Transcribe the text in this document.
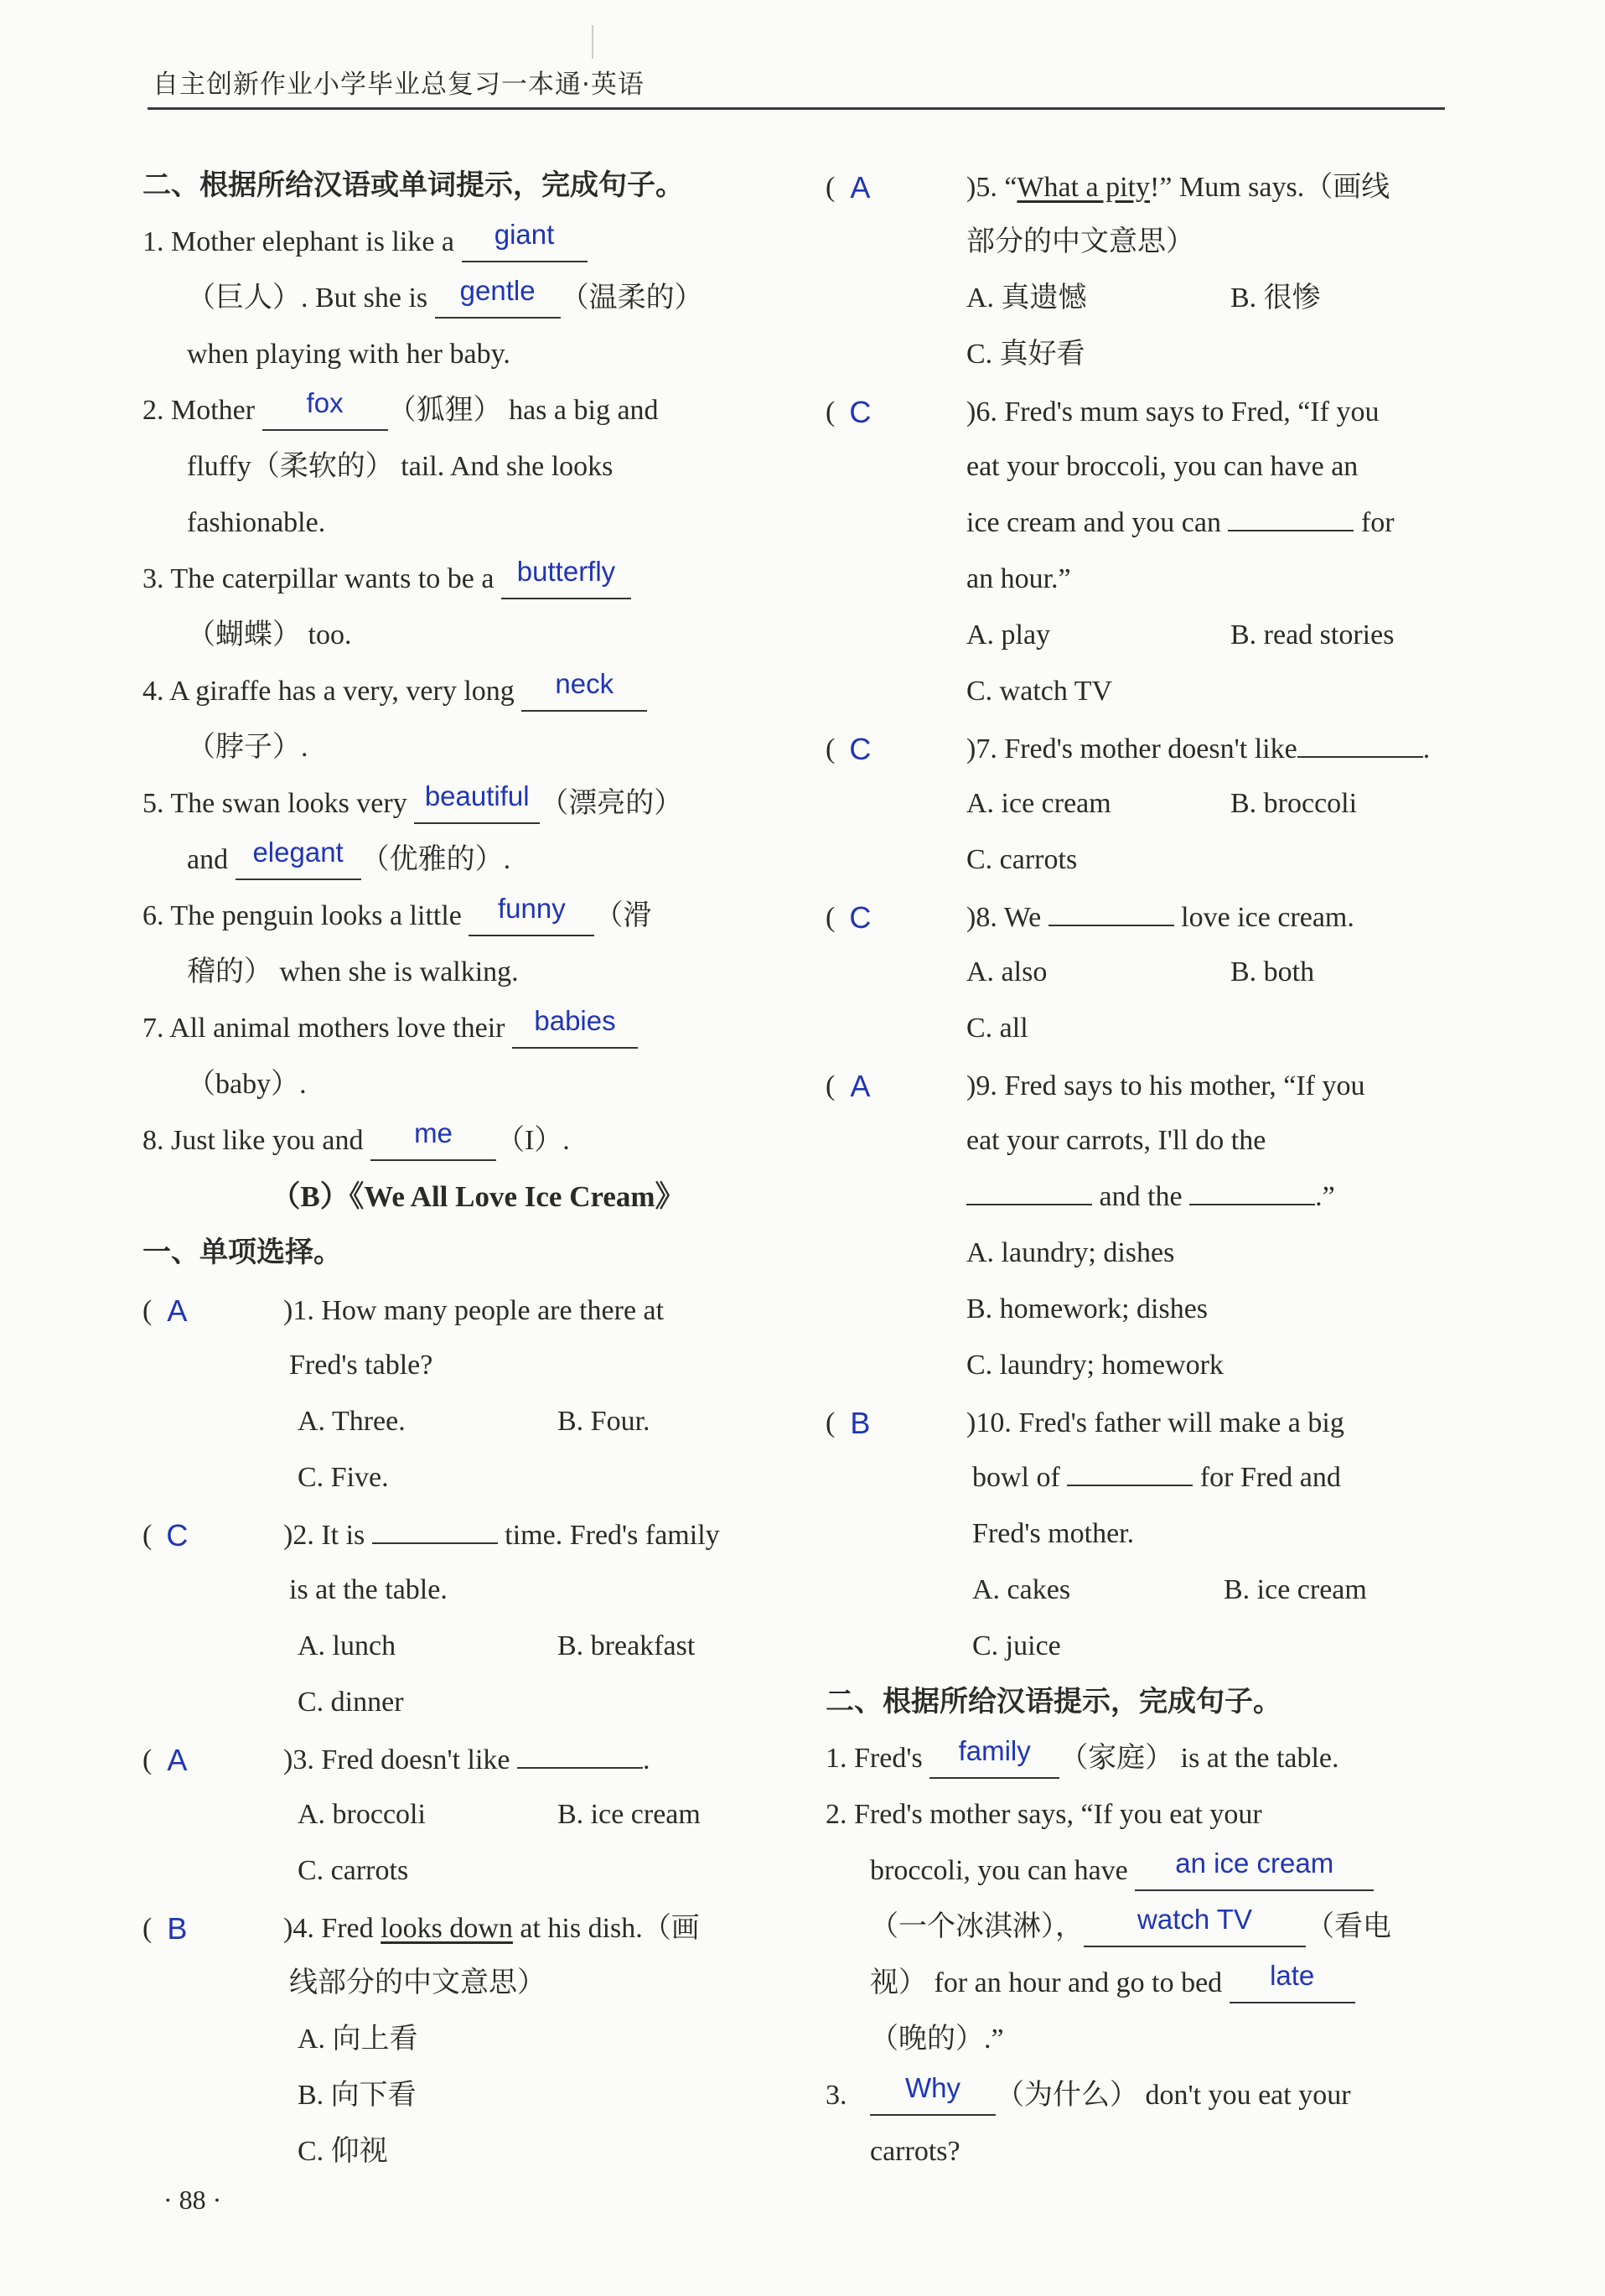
自主创新作业小学毕业总复习一本通·英语
二、根据所给汉语或单词提示，完成句子。
1. Mother elephant is like a giant
（巨人）. But she is gentle （温柔的）
when playing with her baby.
2. Mother fox （狐狸） has a big and
fluffy（柔软的） tail. And she looks
fashionable.
3. The caterpillar wants to be a butterfly
（蝴蝶） too.
4. A giraffe has a very, very long neck
（脖子）.
5. The swan looks very beautiful （漂亮的）
and elegant （优雅的）.
6. The penguin looks a little funny （滑
稽的） when she is walking.
7. All animal mothers love their babies
（baby）.
8. Just like you and me （I）.
（B）《We All Love Ice Cream》
一、单项选择。
( A	)1. How many people are there at
Fred's table?
A. Three.	B. Four.
C. Five.
( C	)2. It is	time. Fred's family
is at the table.
A. lunch	B. breakfast
C. dinner
( A	)3. Fred doesn't like	.
A. broccoli	B. ice cream
C. carrots
( B	)4. Fred looks down at his dish.（画
线部分的中文意思）
A. 向上看
B. 向下看
C. 仰视
( A	)5. “What a pity!” Mum says.（画线
部分的中文意思）
A. 真遗憾	B. 很惨
C. 真好看
( C	)6. Fred's mum says to Fred, “If you
eat your broccoli, you can have an
ice cream and you can	for
an hour.”
A. play	B. read stories
C. watch TV
( C	)7. Fred's mother doesn't like	.
A. ice cream	B. broccoli
C. carrots
( C	)8. We	love ice cream.
A. also	B. both
C. all
( A	)9. Fred says to his mother, “If you
eat your carrots, I'll do the
and the	.”
A. laundry; dishes
B. homework; dishes
C. laundry; homework
( B	)10. Fred's father will make a big
bowl of	for Fred and
Fred's mother.
A. cakes	B. ice cream
C. juice
二、根据所给汉语提示，完成句子。
1. Fred's family （家庭） is at the table.
2. Fred's mother says, “If you eat your
broccoli, you can have an ice cream
（一个冰淇淋）， watch TV （看电
视） for an hour and go to bed late
（晚的）.”
3. Why （为什么） don't you eat your
carrots?
· 88 ·
